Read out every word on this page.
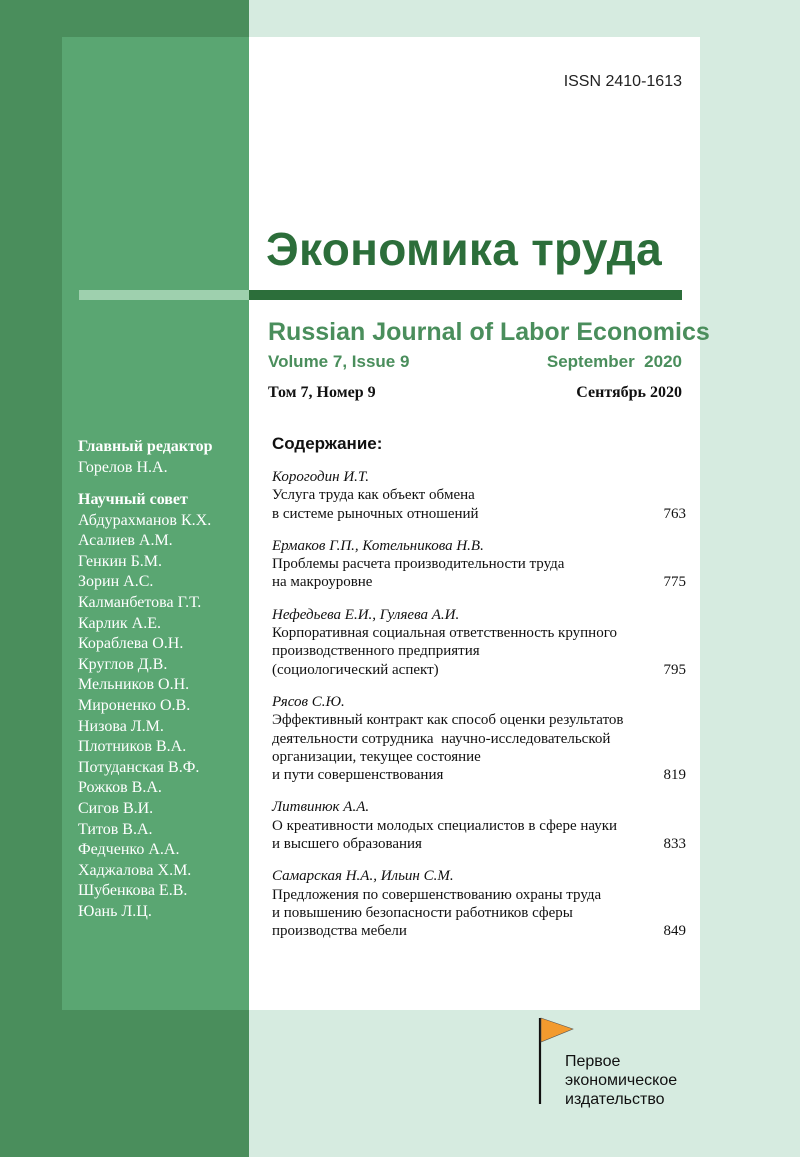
ISSN 2410-1613
Экономика труда
Russian Journal of Labor Economics
Volume 7, Issue 9	September  2020
Том 7, Номер 9	Сентябрь 2020
Главный редактор
Горелов Н.А.
Научный совет
Абдурахманов К.Х.
Асалиев А.М.
Генкин Б.М.
Зорин А.С.
Калманбетова Г.Т.
Карлик А.Е.
Кораблева О.Н.
Круглов Д.В.
Мельников О.Н.
Мироненко О.В.
Низова Л.М.
Плотников В.А.
Потуданская В.Ф.
Рожков В.А.
Сигов В.И.
Титов В.А.
Федченко А.А.
Хаджалова Х.М.
Шубенкова Е.В.
Юань Л.Ц.
Содержание:
Корогодин И.Т.
Услуга труда как объект обмена
в системе рыночных отношений	763
Ермаков Г.П., Котельникова Н.В.
Проблемы расчета производительности труда
на макроуровне	775
Нефедьева Е.И., Гуляева А.И.
Корпоративная социальная ответственность крупного
производственного предприятия
(социологический аспект)	795
Рясов С.Ю.
Эффективный контракт как способ оценки результатов
деятельности сотрудника  научно-исследовательской
организации, текущее состояние
и пути совершенствования	819
Литвинюк А.А.
О креативности молодых специалистов в сфере науки
и высшего образования	833
Самарская Н.А., Ильин С.М.
Предложения по совершенствованию охраны труда
и повышению безопасности работников сферы
производства мебели	849
Первое
экономическое
издательство
